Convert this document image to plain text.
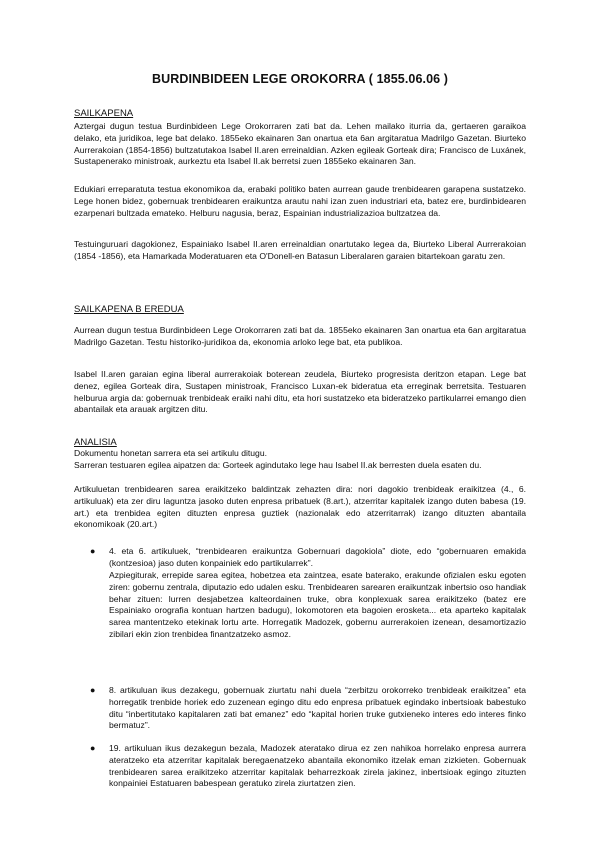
BURDINBIDEEN LEGE OROKORRA ( 1855.06.06 )
SAILKAPENA

Aztergai dugun testua Burdinbideen Lege Orokorraren zati bat da. Lehen mailako iturria da, gertaeren garaikoa delako, eta juridikoa, lege bat delako. 1855eko ekainaren 3an onartua eta 6an argitaratua Madrilgo Gazetan. Biurteko Aurrerakoian (1854-1856) bultzatutakoa Isabel II.aren erreinaldian. Azken egileak Gorteak dira; Francisco de Luxánek, Sustapenerako ministroak, aurkeztu eta Isabel II.ak berretsi zuen 1855eko ekainaren 3an.

Edukiari erreparatuta testua ekonomikoa da, erabaki politiko baten aurrean gaude trenbidearen garapena sustatzeko. Lege honen bidez, gobernuak trenbidearen eraikuntza arautu nahi izan zuen industriari eta, batez ere, burdinbidearen ezarpenari bultzada emateko. Helburu nagusia, beraz, Espainian industrializazioa bultzatzea da.

Testuinguruari dagokionez, Espainiako Isabel II.aren erreinaldian onartutako legea da, Biurteko Liberal Aurrerakoian (1854 -1856), eta Hamarkada Moderatuaren eta O'Donell-en Batasun Liberalaren garaien bitartekoan garatu zen.

SAILKAPENA B EREDUA

Aurrean dugun testua Burdinbideen Lege Orokorraren zati bat da. 1855eko ekainaren 3an onartua eta 6an argitaratua Madrilgo Gazetan. Testu historiko-juridikoa da, ekonomia arloko lege bat, eta publikoa.

Isabel II.aren garaian egina liberal aurrerakoiak boterean zeudela, Biurteko progresista deritzon etapan. Lege bat denez, egilea Gorteak dira, Sustapen ministroak, Francisco Luxan-ek bideratua eta erreginak berretsita. Testuaren helburua argia da: gobernuak trenbideak eraiki nahi ditu, eta hori sustatzeko eta bideratzeko partikularrei emango dien abantailak eta arauak argitzen ditu.

ANALISIA

Dokumentu honetan sarrera eta sei artikulu ditugu.

Sarreran testuaren egilea aipatzen da: Gorteek agindutako lege hau Isabel II.ak berresten duela esaten du.

Artikuluetan trenbidearen sarea eraikitzeko baldintzak zehazten dira: nori dagokio trenbideak eraikitzea (4., 6. artikuluak) eta zer diru laguntza jasoko duten enpresa pribatuek (8.art.), atzerritar kapitalek izango duten babesa (19. art.) eta trenbidea egiten dituzten enpresa guztiek (nazionalak edo atzerritarrak) izango dituzten abantaila ekonomikoak (20.art.)

● 4. eta 6. artikuluek, “trenbidearen eraikuntza Gobernuari dagokiola” diote, edo “gobernuaren emakida (kontzesioa) jaso duten konpainiek edo partikularrek”.

Azpiegiturak, errepide sarea egitea, hobetzea eta zaintzea, esate baterako, erakunde ofizialen esku egoten ziren: gobernu zentrala, diputazio edo udalen esku. Trenbidearen sarearen eraikuntzak inbertsio oso handiak behar zituen: lurren desjabetzea kalteordainen truke, obra konplexuak sarea eraikitzeko (batez ere Espainiako orografia kontuan hartzen badugu), lokomotoren eta bagoien erosketa... eta aparteko kapitalak sarea mantentzeko etekinak lortu arte. Horregatik Madozek, gobernu aurrerakoien izenean, desamortizazio zibilari ekin zion trenbidea finantzatzeko asmoz.

● 8. artikuluan ikus dezakegu, gobernuak ziurtatu nahi duela “zerbitzu orokorreko trenbideak eraikitzea” eta horregatik trenbide horiek edo zuzenean egingo ditu edo enpresa pribatuek egindako inbertsioak babestuko ditu “inbertitutako kapitalaren zati bat emanez” edo “kapital horien truke gutxieneko interes edo interes finko bermatuz”.

● 19. artikuluan ikus dezakegun bezala, Madozek ateratako dirua ez zen nahikoa horrelako enpresa aurrera ateratzeko eta atzerritar kapitalak beregaenatzeko abantaila ekonomiko itzelak eman zizkieten. Gobernuak trenbidearen sarea eraikitzeko atzerritar kapitalak beharrezkoak zirela jakinez, inbertsioak egingo zituzten konpainiei Estatuaren babespean geratuko zirela ziurtatzen zien.
